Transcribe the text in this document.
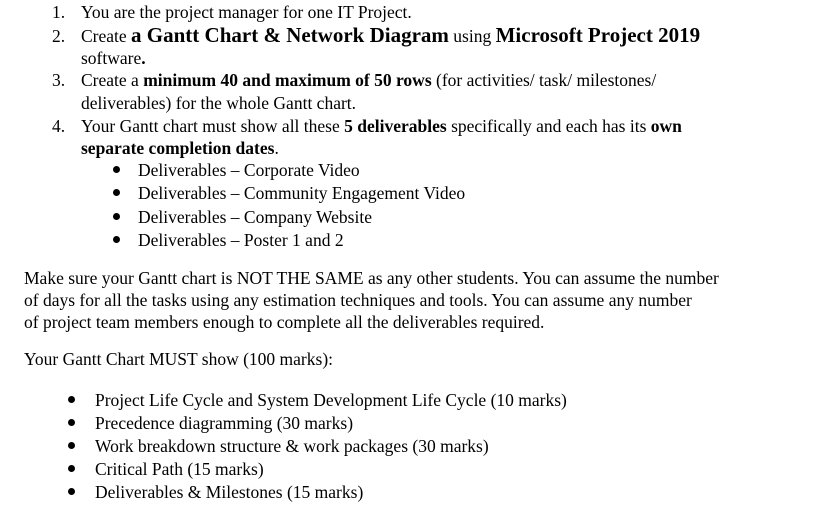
1. You are the project manager for one IT Project.
2. Create a Gantt Chart & Network Diagram using Microsoft Project 2019
software.
3. Create a minimum 40 and maximum of 50 rows (for activities/ task/ milestones/
deliverables) for the whole Gantt chart.
4. Your Gantt chart must show all these 5 deliverables specifically and each has its own
separate completion dates.
Deliverables – Corporate Video
Deliverables – Community Engagement Video
Deliverables – Company Website
Deliverables – Poster 1 and 2
Make sure your Gantt chart is NOT THE SAME as any other students. You can assume the number
of days for all the tasks using any estimation techniques and tools. You can assume any number
of project team members enough to complete all the deliverables required.
Your Gantt Chart MUST show (100 marks):
Project Life Cycle and System Development Life Cycle (10 marks)
Precedence diagramming (30 marks)
Work breakdown structure & work packages (30 marks)
Critical Path (15 marks)
Deliverables & Milestones (15 marks)
